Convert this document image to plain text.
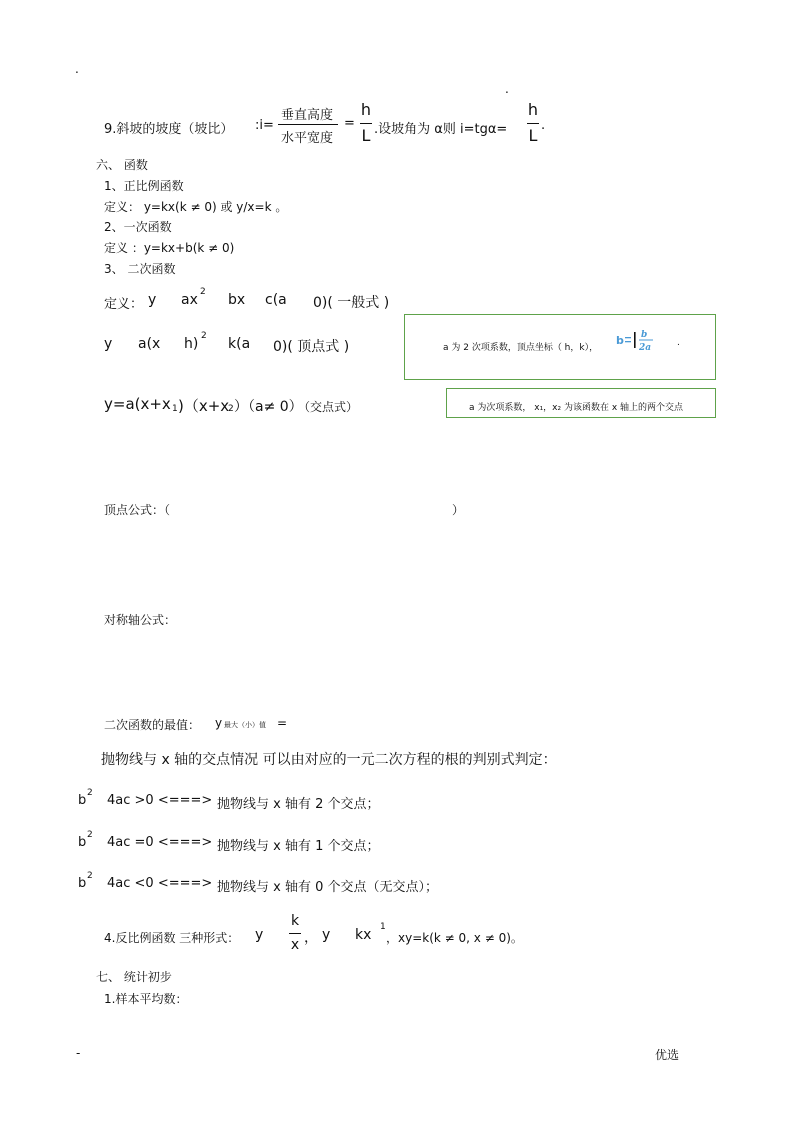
.
.
9.斜坡的坡度（坡比） :i=
垂直高度
水平宽度
=
h
L .设坡角为 α则 i=tgα=
h
L
.
六、 函数
1、正比例函数
定义： y=kx(k ≠ 0) 或 y/x=k 。
2、一次函数
定义 ：y=kx+b(k ≠ 0)
3、 二次函数
定义： y ax 2 bx c(a 0)( 一般式 )
y a(x h) 2 k(a 0)( 顶点式 )	a 为 2 次项系数，顶点坐标（ h，k），
b b
2a	.
y=a(x+x 1 )（x+x
2 ）（a≠ 0）
（交点式）	a 为次项系数， x₁，x₂ 为该函数在 x 轴上的两个交点
顶点公式：（	）
对称轴公式：
二次函数的最值： y 最大（小）值 =
抛物线与 x 轴的交点情况 可以由对应的一元二次方程的根的判别式判定：
b 2 4ac >0 <===> 抛物线与 x 轴有 2 个交点；
b 2 4ac =0 <===> 抛物线与 x 轴有 1 个交点；
b 2 4ac <0 <===> 抛物线与 x 轴有 0 个交点（无交点）；
4.反比例函数 三种形式： y
k
x ， y kx 1
，xy=k(k ≠ 0, x ≠ 0)。
七、 统计初步
1.样本平均数：
-	优选
